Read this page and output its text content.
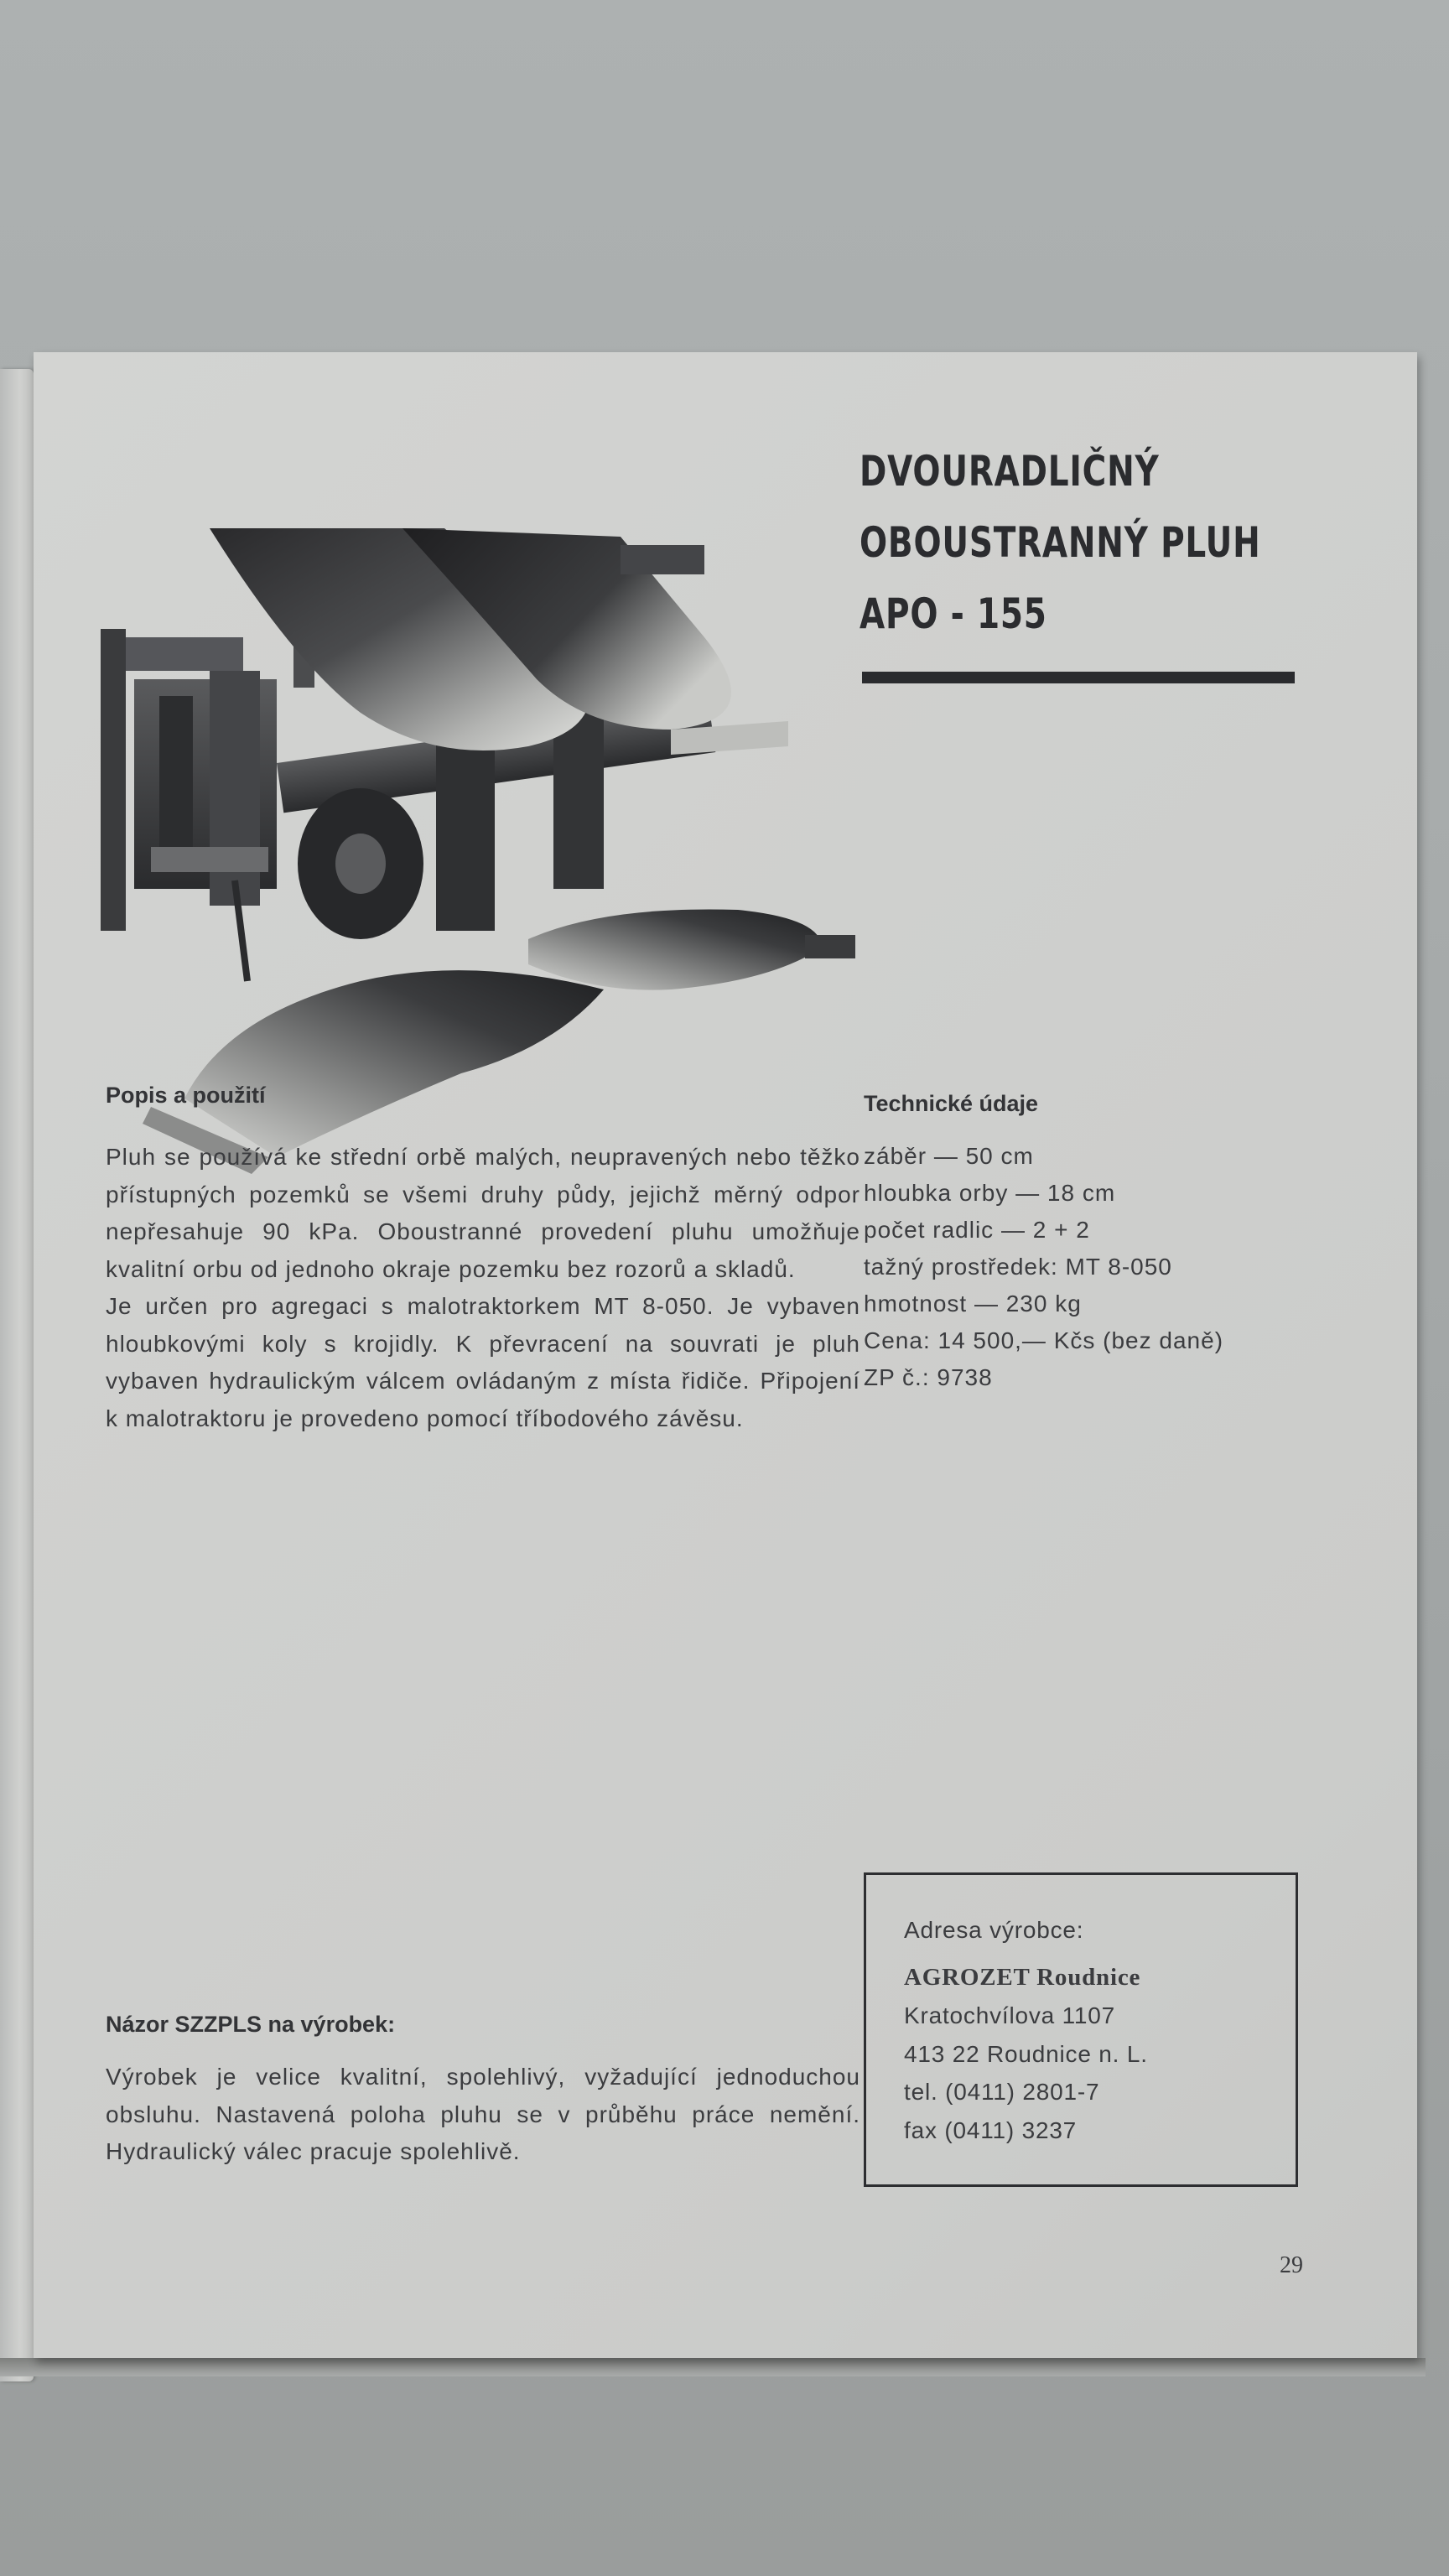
DVOURADLIČNÝ
OBOUSTRANNÝ PLUH
APO - 155
Popis a použití

Pluh se používá ke střední orbě malých, neupravených nebo těžko přístupných pozemků se všemi druhy půdy, jejichž měrný odpor nepřesahuje 90 kPa. Oboustranné provedení pluhu umožňuje kvalitní orbu od jednoho okraje pozemku bez rozorů a skladů.

Je určen pro agregaci s malotraktorkem MT 8-050. Je vybaven hloubkovými koly s krojidly. K převracení na souvrati je pluh vybaven hydraulickým válcem ovládaným z místa řidiče. Připojení k malotraktoru je provedeno pomocí tříbodového závěsu.

Technické údaje
záběr — 50 cm
hloubka orby — 18 cm
počet radlic — 2 + 2
tažný prostředek: MT 8-050
hmotnost — 230 kg
Cena: 14 500,— Kčs (bez daně)
ZP č.: 9738
Názor SZZPLS na výrobek:

Výrobek je velice kvalitní, spolehlivý, vyžadující jednoduchou obsluhu. Nastavená poloha pluhu se v průběhu práce nemění. Hydraulický válec pracuje spolehlivě.

Adresa výrobce:
AGROZET Roudnice
Kratochvílova 1107
413 22 Roudnice n. L.
tel. (0411) 2801-7
fax (0411) 3237
29
